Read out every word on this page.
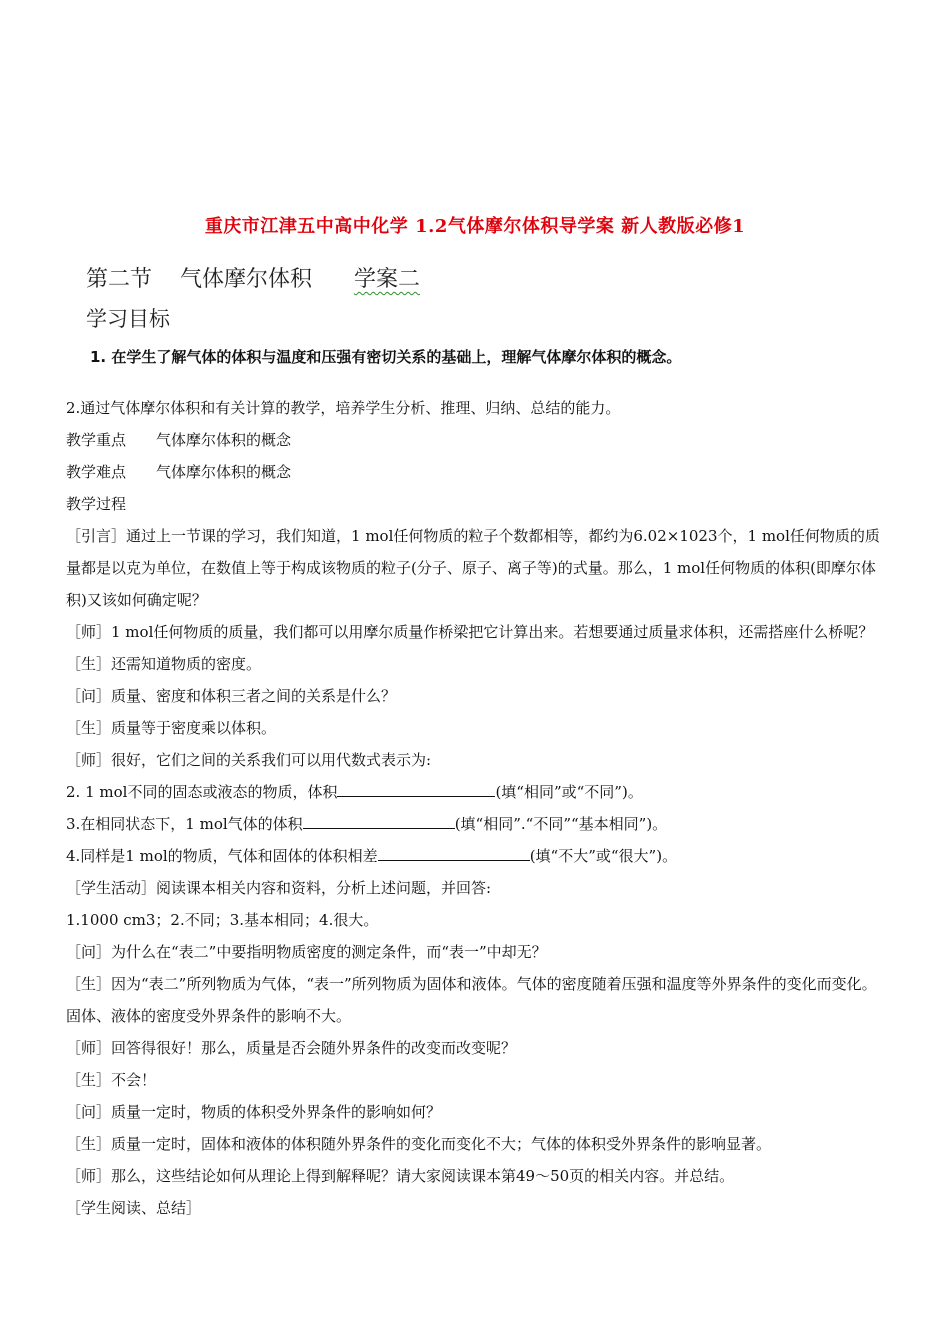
重庆市江津五中高中化学 1.2气体摩尔体积导学案 新人教版必修1
第二节 气体摩尔体积 学案二
学习目标
1. 在学生了解气体的体积与温度和压强有密切关系的基础上，理解气体摩尔体积的概念。

2.通过气体摩尔体积和有关计算的教学，培养学生分析、推理、归纳、总结的能力。

教学重点　　 气体摩尔体积的概念

教学难点　　 气体摩尔体积的概念

教学过程

［引言］通过上一节课的学习，我们知道，1 mol任何物质的粒子个数都相等，都约为6.02×1023个，1 mol任何物质的质量都是以克为单位，在数值上等于构成该物质的粒子(分子、原子、离子等)的式量。那么，1 mol任何物质的体积(即摩尔体积)又该如何确定呢？

［师］1 mol任何物质的质量，我们都可以用摩尔质量作桥梁把它计算出来。若想要通过质量求体积，还需搭座什么桥呢？

［生］还需知道物质的密度。

［问］质量、密度和体积三者之间的关系是什么？

［生］质量等于密度乘以体积。

［师］很好，它们之间的关系我们可以用代数式表示为:

2. 1 mol不同的固态或液态的物质，体积	(填“相同”或“不同”)。

3.在相同状态下，1 mol气体的体积	(填“相同”.“不同”“基本相同”)。

4.同样是1 mol的物质，气体和固体的体积相差	(填“不大”或“很大”)。

［学生活动］阅读课本相关内容和资料，分析上述问题，并回答:

1.1000 cm3；2.不同；3.基本相同；4.很大。

［问］为什么在“表二”中要指明物质密度的测定条件，而“表一”中却无？

［生］因为“表二”所列物质为气体，“表一”所列物质为固体和液体。气体的密度随着压强和温度等外界条件的变化而变化。固体、液体的密度受外界条件的影响不大。

［师］回答得很好！那么，质量是否会随外界条件的改变而改变呢？

［生］不会！

［问］质量一定时，物质的体积受外界条件的影响如何？

［生］质量一定时，固体和液体的体积随外界条件的变化而变化不大；气体的体积受外界条件的影响显著。

［师］那么，这些结论如何从理论上得到解释呢？请大家阅读课本第49～50页的相关内容。并总结。

［学生阅读、总结］
